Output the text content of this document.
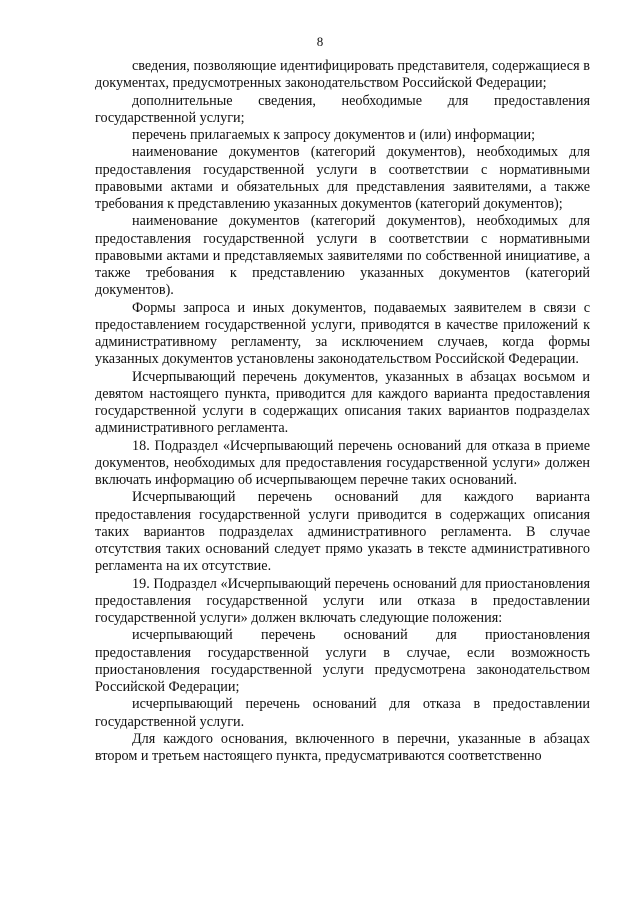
8

сведения, позволяющие идентифицировать представителя, содержащиеся в документах, предусмотренных законодательством Российской Федерации;

дополнительные сведения, необходимые для предоставления государственной услуги;

перечень прилагаемых к запросу документов и (или) информации;

наименование документов (категорий документов), необходимых для предоставления государственной услуги в соответствии с нормативными правовыми актами и обязательных для представления заявителями, а также требования к представлению указанных документов (категорий документов);

наименование документов (категорий документов), необходимых для предоставления государственной услуги в соответствии с нормативными правовыми актами и представляемых заявителями по собственной инициативе, а также требования к представлению указанных документов (категорий документов).

Формы запроса и иных документов, подаваемых заявителем в связи с предоставлением государственной услуги, приводятся в качестве приложений к административному регламенту, за исключением случаев, когда формы указанных документов установлены законодательством Российской Федерации.

Исчерпывающий перечень документов, указанных в абзацах восьмом и девятом настоящего пункта, приводится для каждого варианта предоставления государственной услуги в содержащих описания таких вариантов подразделах административного регламента.

18. Подраздел «Исчерпывающий перечень оснований для отказа в приеме документов, необходимых для предоставления государственной услуги» должен включать информацию об исчерпывающем перечне таких оснований.

Исчерпывающий перечень оснований для каждого варианта предоставления государственной услуги приводится в содержащих описания таких вариантов подразделах административного регламента. В случае отсутствия таких оснований следует прямо указать в тексте административного регламента на их отсутствие.

19. Подраздел «Исчерпывающий перечень оснований для приостановления предоставления государственной услуги или отказа в предоставлении государственной услуги» должен включать следующие положения:

исчерпывающий перечень оснований для приостановления предоставления государственной услуги в случае, если возможность приостановления государственной услуги предусмотрена законодательством Российской Федерации;

исчерпывающий перечень оснований для отказа в предоставлении государственной услуги.

Для каждого основания, включенного в перечни, указанные в абзацах втором и третьем настоящего пункта, предусматриваются соответственно
